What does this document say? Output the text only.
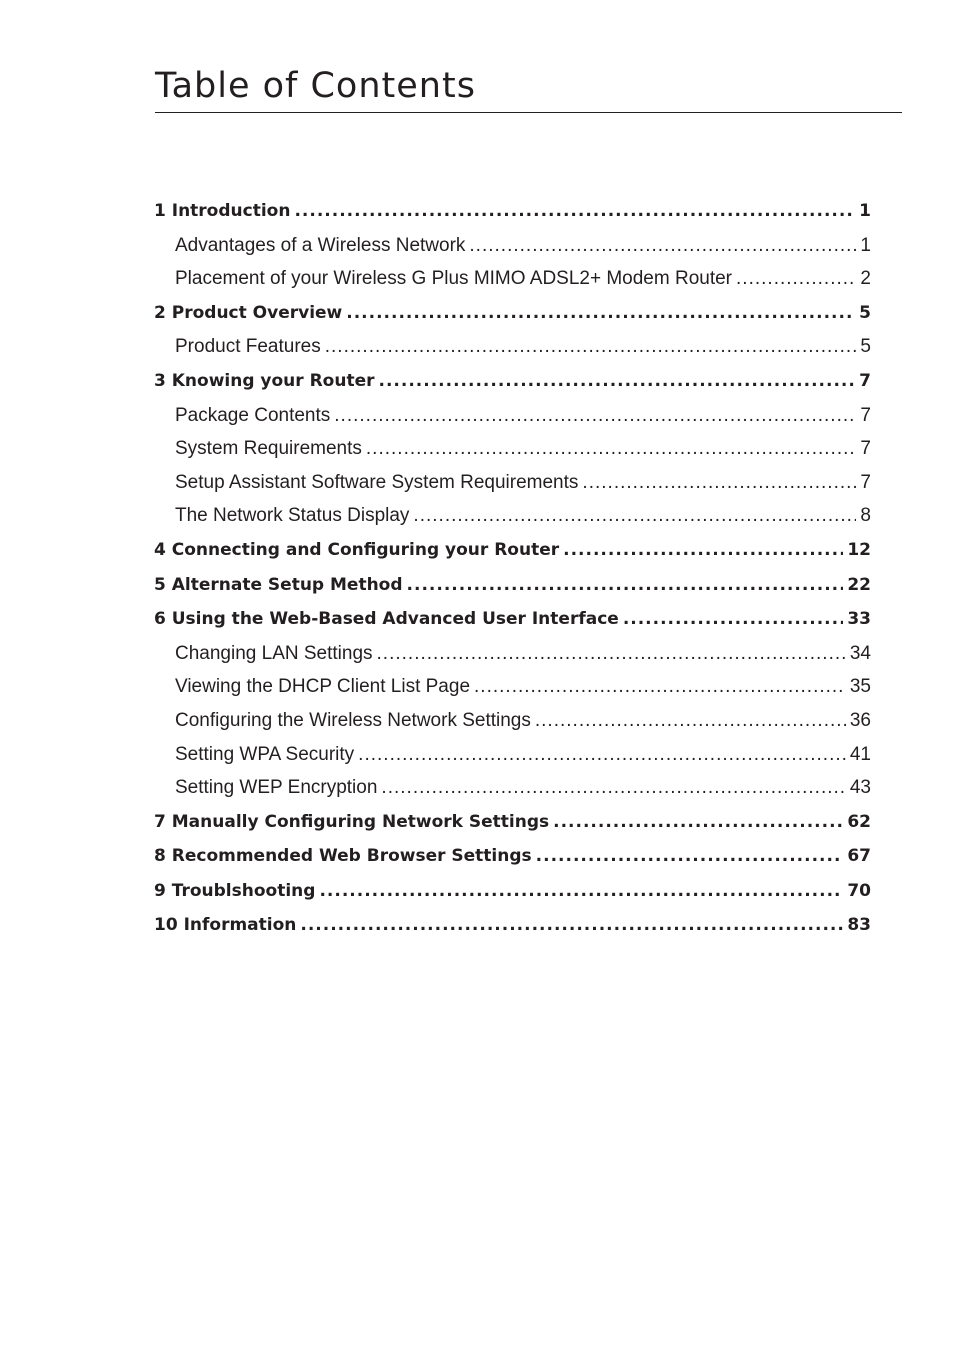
Table of Contents
1 Introduction .....	1
Advantages of a Wireless Network .....	1
Placement of your Wireless G Plus MIMO ADSL2+ Modem Router .....	2
2 Product Overview .....	5
Product Features .....	5
3 Knowing your Router .....	7
Package Contents .....	7
System Requirements .....	7
Setup Assistant Software System Requirements .....	7
The Network Status Display .....	8
4 Connecting and Configuring your Router .....	12
5 Alternate Setup Method .....	22
6 Using the Web-Based Advanced User Interface .....	33
Changing LAN Settings .....	34
Viewing the DHCP Client List Page .....	35
Configuring the Wireless Network Settings .....	36
Setting WPA Security .....	41
Setting WEP Encryption .....	43
7 Manually Configuring Network Settings .....	62
8 Recommended Web Browser Settings .....	67
9 Troublshooting .....	70
10 Information .....	83
